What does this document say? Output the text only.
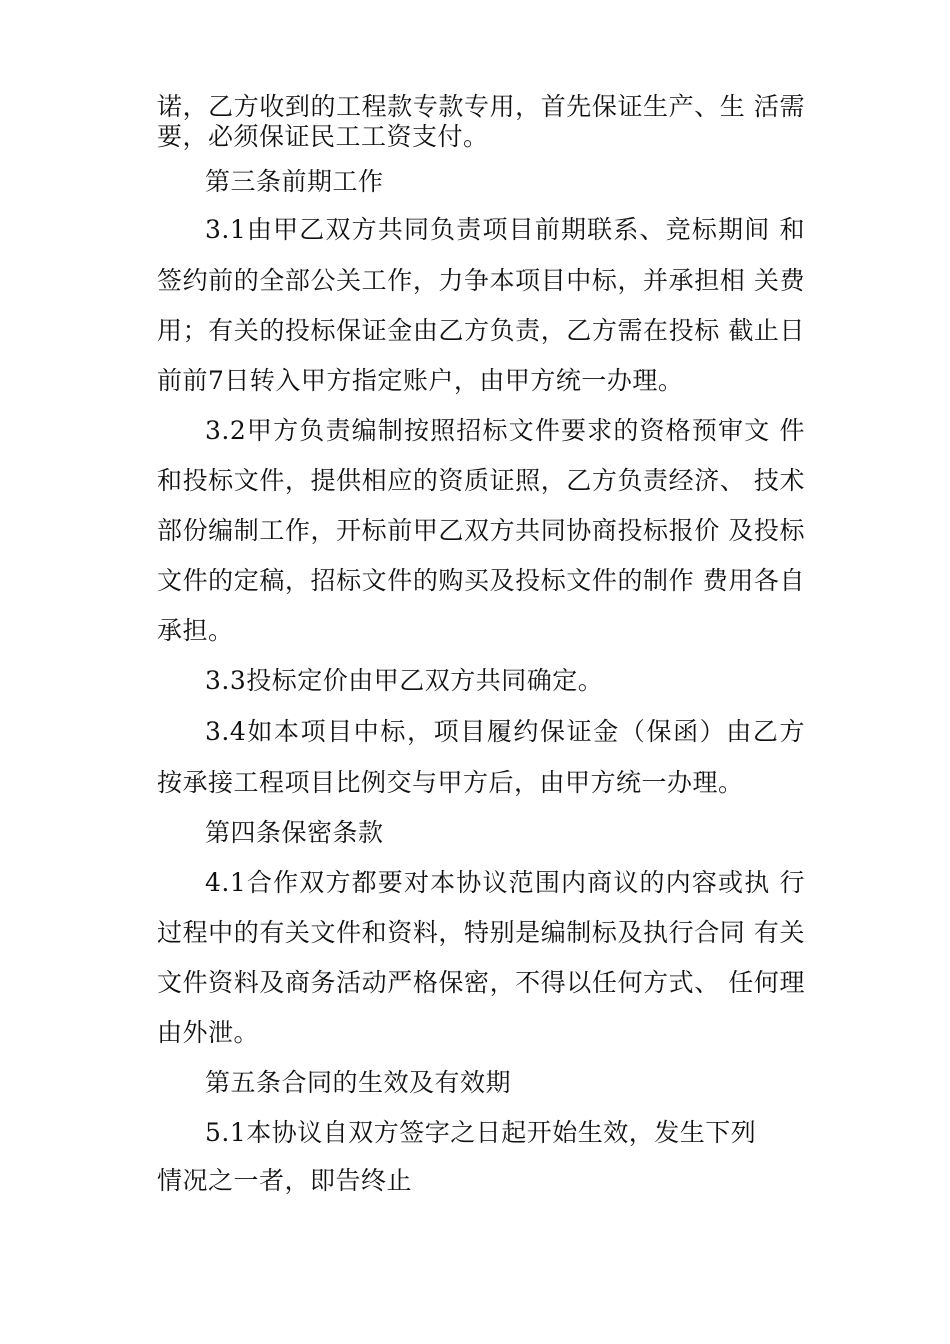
诺，乙方收到的工程款专款专用，首先保证生产、生 活需
要，必须保证民工工资支付。
第三条前期工作
3.1由甲乙双方共同负责项目前期联系、竞标期间 和
签约前的全部公关工作，力争本项目中标，并承担相 关费
用；有关的投标保证金由乙方负责，乙方需在投标 截止日
前前7日转入甲方指定账户，由甲方统一办理。
3.2甲方负责编制按照招标文件要求的资格预审文 件
和投标文件，提供相应的资质证照，乙方负责经济、 技术
部份编制工作，开标前甲乙双方共同协商投标报价 及投标
文件的定稿，招标文件的购买及投标文件的制作 费用各自
承担。
3.3投标定价由甲乙双方共同确定。
3.4如本项目中标，项目履约保证金（保函）由乙方
按承接工程项目比例交与甲方后，由甲方统一办理。
第四条保密条款
4.1合作双方都要对本协议范围内商议的内容或执 行
过程中的有关文件和资料，特别是编制标及执行合同 有关
文件资料及商务活动严格保密，不得以任何方式、 任何理
由外泄。
第五条合同的生效及有效期
5.1本协议自双方签字之日起开始生效，发生下列
情况之一者，即告终止
